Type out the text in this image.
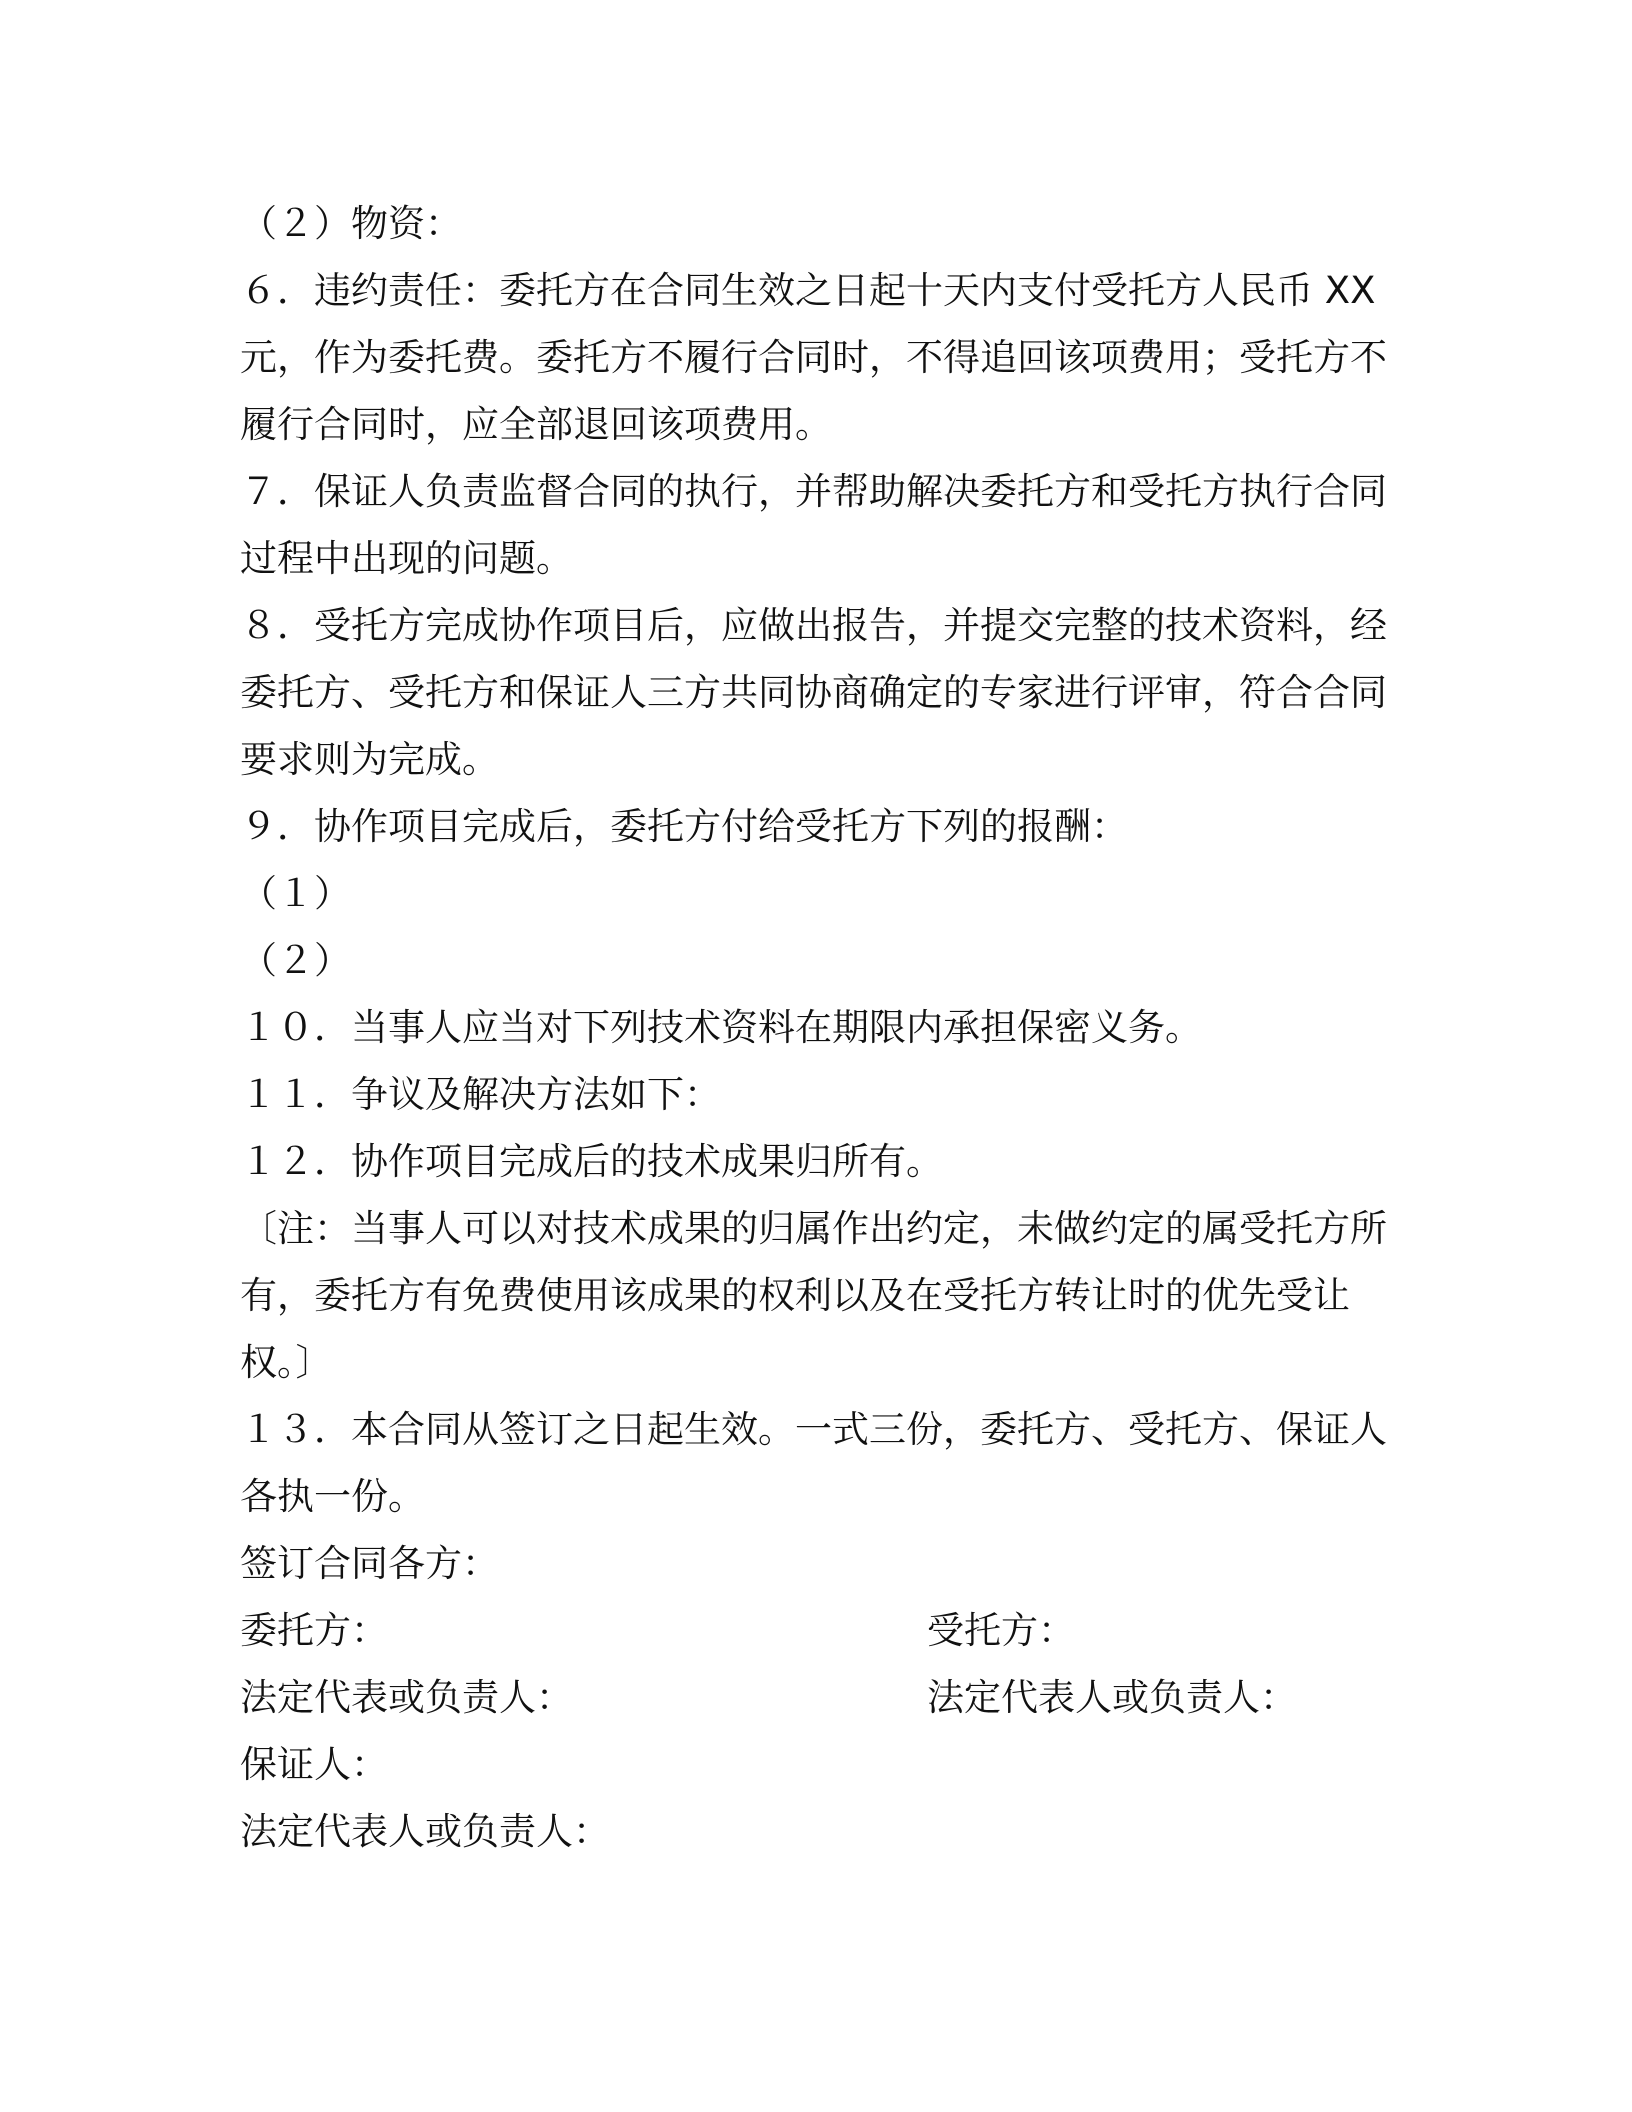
（２）物资：

６．违约责任：委托方在合同生效之日起十天内支付受托方人民币 XX

元，作为委托费。委托方不履行合同时，不得追回该项费用；受托方不

履行合同时，应全部退回该项费用。

７．保证人负责监督合同的执行，并帮助解决委托方和受托方执行合同

过程中出现的问题。

８．受托方完成协作项目后，应做出报告，并提交完整的技术资料，经

委托方、受托方和保证人三方共同协商确定的专家进行评审，符合合同

要求则为完成。

９．协作项目完成后，委托方付给受托方下列的报酬：

（１）

（２）

１０．当事人应当对下列技术资料在期限内承担保密义务。

１１．争议及解决方法如下：

１２．协作项目完成后的技术成果归所有。

〔注：当事人可以对技术成果的归属作出约定，未做约定的属受托方所

有，委托方有免费使用该成果的权利以及在受托方转让时的优先受让

权。〕

１３．本合同从签订之日起生效。一式三份，委托方、受托方、保证人

各执一份。

签订合同各方：

委托方：	受托方：
法定代表或负责人：	法定代表人或负责人：
保证人：
法定代表人或负责人：
